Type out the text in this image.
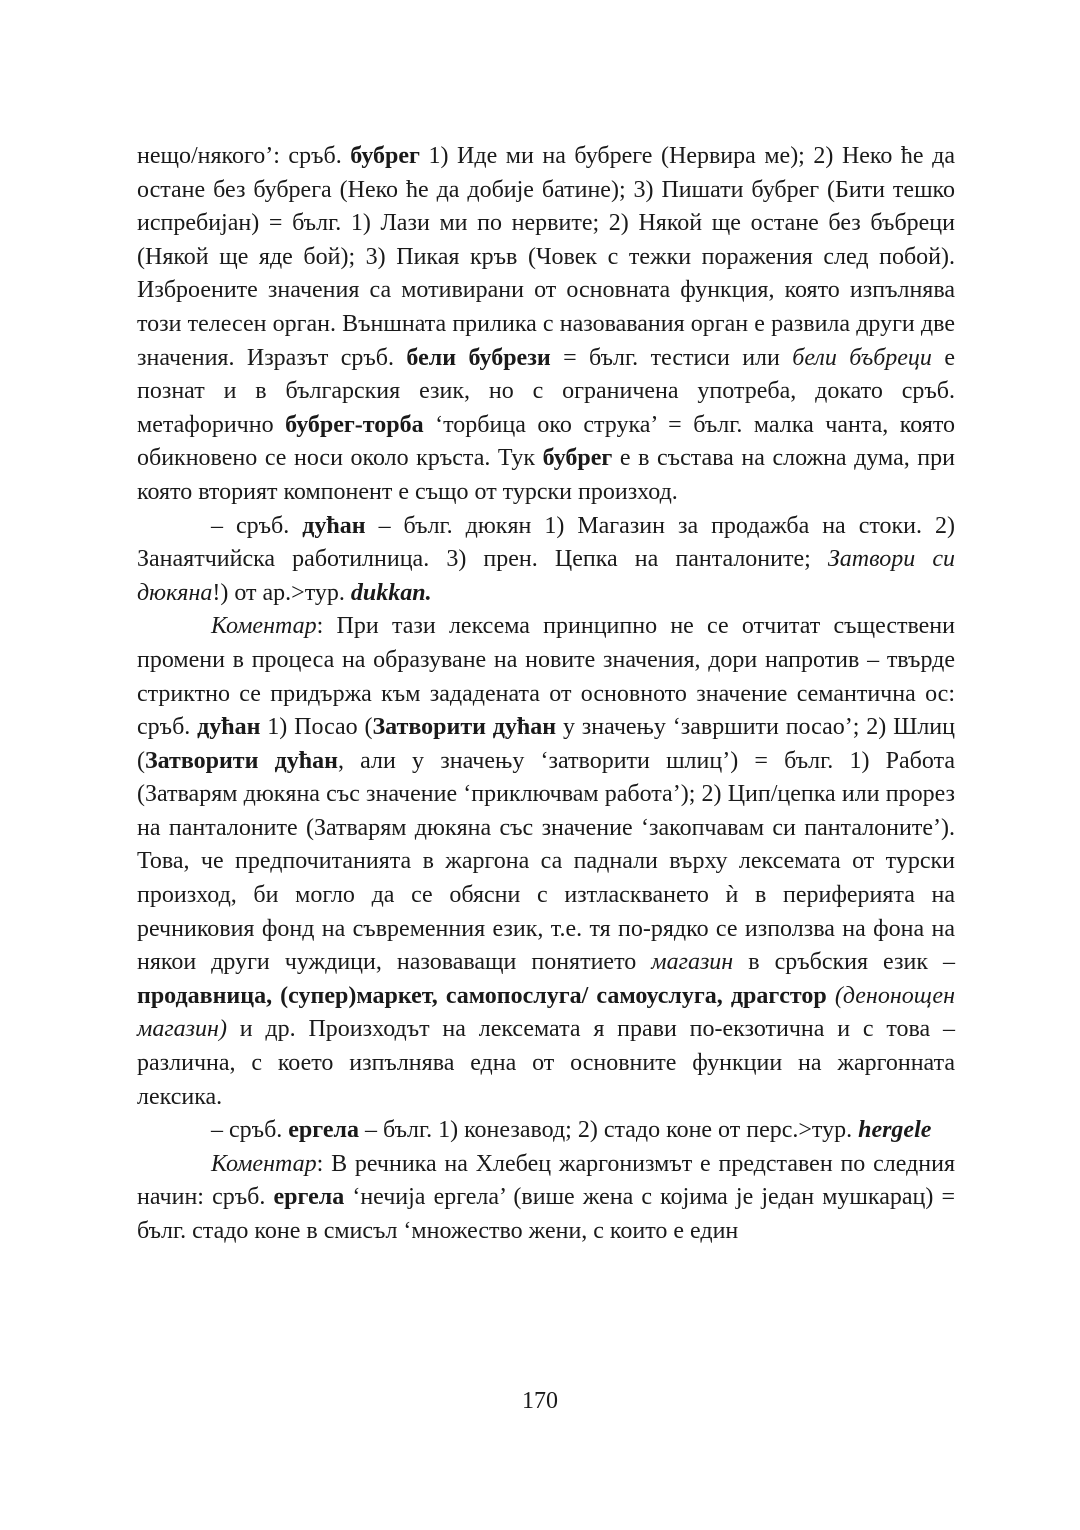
нещо/някого’: сръб. бубрег 1) Иде ми на бубреге (Нервира ме); 2) Неко ће да остане без бубрега (Неко ће да добије батине); 3) Пишати бубрег (Бити тешко испребијан) = бълг. 1) Лази ми по нервите; 2) Някой ще остане без бъбреци (Някой ще яде бой); 3) Пикая кръв (Човек с тежки поражения след побой). Изброените значения са мотивирани от основната функция, която изпълнява този телесен орган. Външната прилика с назовавания орган е развила други две значения. Изразът сръб. бели бубрези = бълг. тестиси или бели бъбреци е познат и в българския език, но с ограничена употреба, докато сръб. метафорично бубрег-торба ‘торбица око струка’ = бълг. малка чанта, която обикновено се носи около кръста. Тук бубрег е в състава на сложна дума, при която вторият компонент е също от турски произход.

– сръб. дућан – бълг. дюкян 1) Магазин за продажба на стоки. 2) Занаятчийска работилница. 3) прен. Цепка на панталоните; Затвори си дюкяна!) от ар.>тур. dukkan.

Коментар: При тази лексема принципно не се отчитат съществени промени в процеса на образуване на новите значения, дори напротив – твърде стриктно се придържа към зададената от основното значение семантична ос: сръб. дућан 1) Посао (Затворити дућан у значењу ‘завршити посао’; 2) Шлиц (Затворити дућан, али у значењу ‘затворити шлиц’) = бълг. 1) Работа (Затварям дюкяна със значение ‘приключвам работа’); 2) Цип/цепка или прорез на панталоните (Затварям дюкяна със значение ‘закопчавам си панталоните’). Това, че предпочитанията в жаргона са паднали върху лексемата от турски произход, би могло да се обясни с изтласкването ѝ в периферията на речниковия фонд на съвременния език, т.е. тя по-рядко се използва на фона на някои други чуждици, назоваващи понятието магазин в сръбския език – продавница, (супер)маркет, самопослуга/ самоуслуга, драгстор (денонощен магазин) и др. Произходът на лексемата я прави по-екзотична и с това – различна, с което изпълнява една от основните функции на жаргонната лексика.

– сръб. ергела – бълг. 1) конезавод; 2) стадо коне от перс.>тур. hergele

Коментар: В речника на Хлебец жаргонизмът е представен по следния начин: сръб. ергела ‘нечија ергела’ (више жена с којима је један мушкарац) = бълг. стадо коне в смисъл ‘множество жени, с които е един

170
